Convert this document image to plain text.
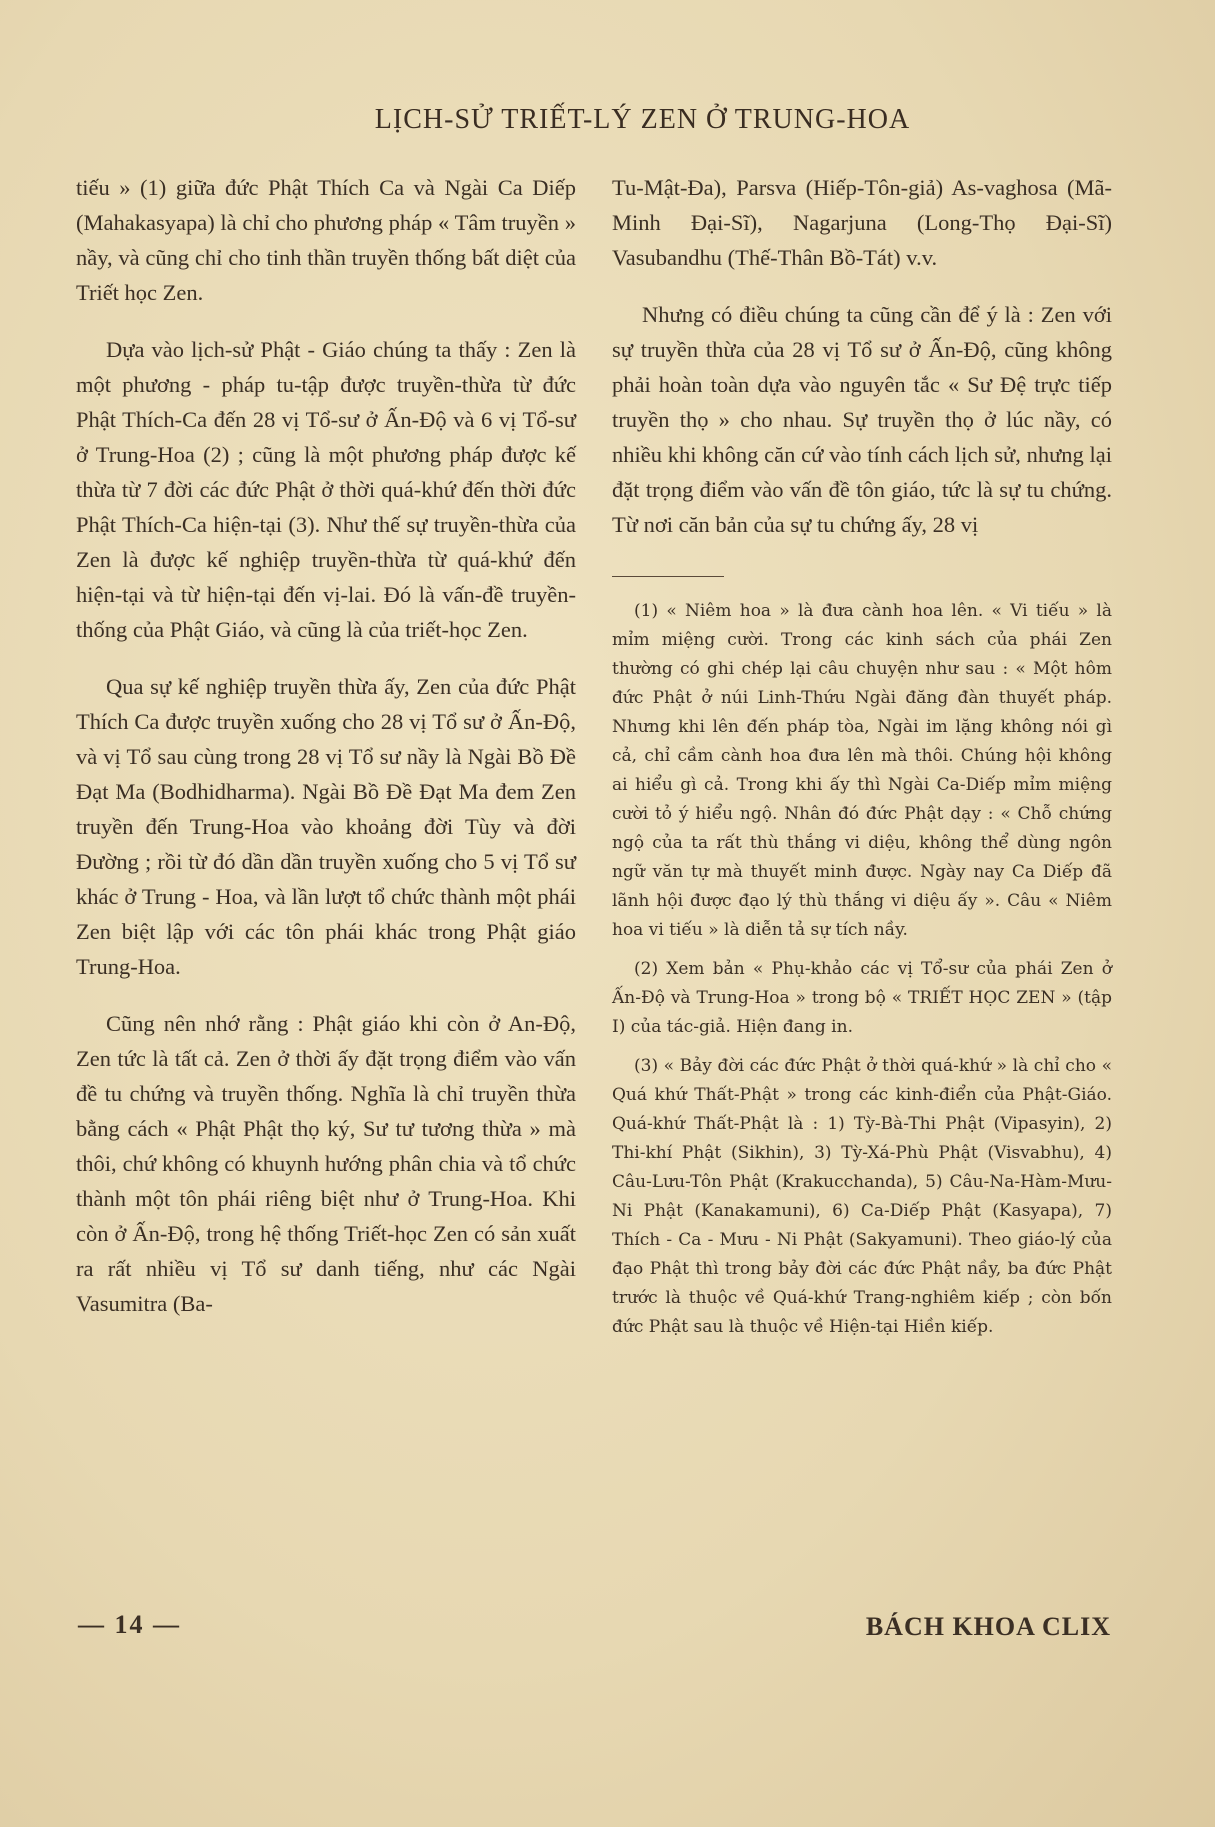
LỊCH-SỬ TRIẾT-LÝ ZEN Ở TRUNG-HOA

tiếu » (1) giữa đức Phật Thích Ca và Ngài Ca Diếp (Mahakasyapa) là chỉ cho phương pháp « Tâm truyền » nầy, và cũng chỉ cho tinh thần truyền thống bất diệt của Triết học Zen.

Dựa vào lịch-sử Phật - Giáo chúng ta thấy : Zen là một phương - pháp tu-tập được truyền-thừa từ đức Phật Thích-Ca đến 28 vị Tổ-sư ở Ấn-Độ và 6 vị Tổ-sư ở Trung-Hoa (2) ; cũng là một phương pháp được kế thừa từ 7 đời các đức Phật ở thời quá-khứ đến thời đức Phật Thích-Ca hiện-tại (3). Như thế sự truyền-thừa của Zen là được kế nghiệp truyền-thừa từ quá-khứ đến hiện-tại và từ hiện-tại đến vị-lai. Đó là vấn-đề truyền-thống của Phật Giáo, và cũng là của triết-học Zen.

Qua sự kế nghiệp truyền thừa ấy, Zen của đức Phật Thích Ca được truyền xuống cho 28 vị Tổ sư ở Ấn-Độ, và vị Tổ sau cùng trong 28 vị Tổ sư nầy là Ngài Bồ Đề Đạt Ma (Bodhidharma). Ngài Bồ Đề Đạt Ma đem Zen truyền đến Trung-Hoa vào khoảng đời Tùy và đời Đường ; rồi từ đó dần dần truyền xuống cho 5 vị Tổ sư khác ở Trung - Hoa, và lần lượt tổ chức thành một phái Zen biệt lập với các tôn phái khác trong Phật giáo Trung-Hoa.

Cũng nên nhớ rằng : Phật giáo khi còn ở An-Độ, Zen tức là tất cả. Zen ở thời ấy đặt trọng điểm vào vấn đề tu chứng và truyền thống. Nghĩa là chỉ truyền thừa bằng cách « Phật Phật thọ ký, Sư tư tương thừa » mà thôi, chứ không có khuynh hướng phân chia và tổ chức thành một tôn phái riêng biệt như ở Trung-Hoa. Khi còn ở Ấn-Độ, trong hệ thống Triết-học Zen có sản xuất ra rất nhiều vị Tổ sư danh tiếng, như các Ngài Vasumitra (Ba-

Tu-Mật-Đa), Parsva (Hiếp-Tôn-giả) As-vaghosa (Mã-Minh Đại-Sĩ), Nagarjuna (Long-Thọ Đại-Sĩ) Vasubandhu (Thế-Thân Bồ-Tát) v.v.

Nhưng có điều chúng ta cũng cần để ý là : Zen với sự truyền thừa của 28 vị Tổ sư ở Ấn-Độ, cũng không phải hoàn toàn dựa vào nguyên tắc « Sư Đệ trực tiếp truyền thọ » cho nhau. Sự truyền thọ ở lúc nầy, có nhiều khi không căn cứ vào tính cách lịch sử, nhưng lại đặt trọng điểm vào vấn đề tôn giáo, tức là sự tu chứng. Từ nơi căn bản của sự tu chứng ấy, 28 vị

(1) « Niêm hoa » là đưa cành hoa lên. « Vi tiếu » là mỉm miệng cười. Trong các kinh sách của phái Zen thường có ghi chép lại câu chuyện như sau : « Một hôm đức Phật ở núi Linh-Thứu Ngài đăng đàn thuyết pháp. Nhưng khi lên đến pháp tòa, Ngài im lặng không nói gì cả, chỉ cầm cành hoa đưa lên mà thôi. Chúng hội không ai hiểu gì cả. Trong khi ấy thì Ngài Ca-Diếp mỉm miệng cười tỏ ý hiểu ngộ. Nhân đó đức Phật dạy : « Chỗ chứng ngộ của ta rất thù thắng vi diệu, không thể dùng ngôn ngữ văn tự mà thuyết minh được. Ngày nay Ca Diếp đã lãnh hội được đạo lý thù thắng vi diệu ấy ». Câu « Niêm hoa vi tiếu » là diễn tả sự tích nầy.

(2) Xem bản « Phụ-khảo các vị Tổ-sư của phái Zen ở Ấn-Độ và Trung-Hoa » trong bộ « TRIẾT HỌC ZEN » (tập I) của tác-giả. Hiện đang in.

(3) « Bảy đời các đức Phật ở thời quá-khứ » là chỉ cho « Quá khứ Thất-Phật » trong các kinh-điển của Phật-Giáo. Quá-khứ Thất-Phật là : 1) Tỳ-Bà-Thi Phật (Vipasyin), 2) Thi-khí Phật (Sikhin), 3) Tỳ-Xá-Phù Phật (Visvabhu), 4) Câu-Lưu-Tôn Phật (Krakucchanda), 5) Câu-Na-Hàm-Mưu-Ni Phật (Kanakamuni), 6) Ca-Diếp Phật (Kasyapa), 7) Thích - Ca - Mưu - Ni Phật (Sakyamuni). Theo giáo-lý của đạo Phật thì trong bảy đời các đức Phật nầy, ba đức Phật trước là thuộc về Quá-khứ Trang-nghiêm kiếp ; còn bốn đức Phật sau là thuộc về Hiện-tại Hiền kiếp.

— 14 —	BÁCH KHOA CLIX
